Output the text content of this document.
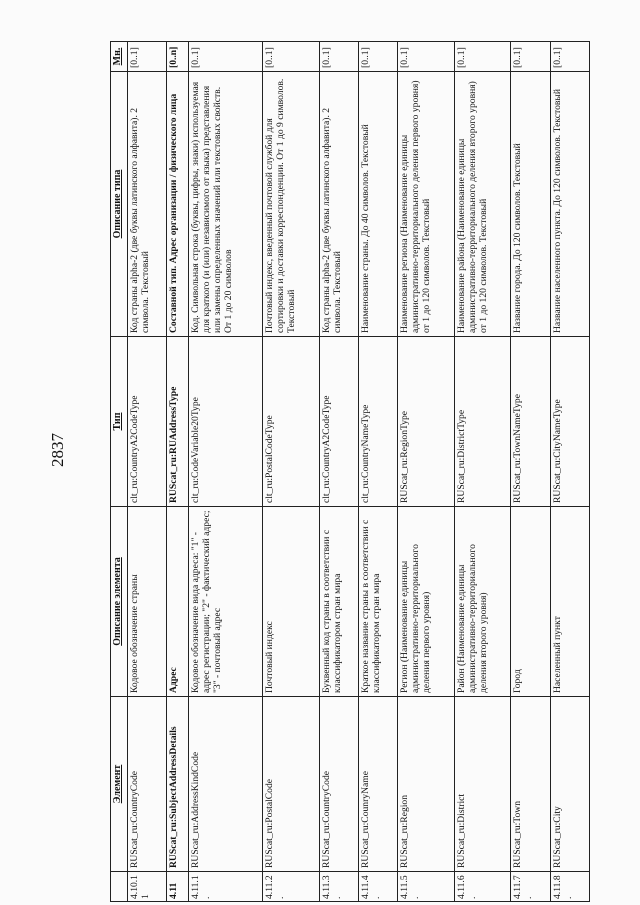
2837
	Элемент	Описание элемента	Тип	Описание типа	Мн.
4.10.11	RUScat_ru:CountryCode	Кодовое обозначение страны	clt_ru:CountryA2CodeType	Код страны alpha-2 (две буквы латинского алфавита). 2 символа. Текстовый	[0..1]
4.11	RUScat_ru:SubjectAddressDetails	Адрес	RUScat_ru:RUAddressType	Составной тип. Адрес организации / физического лица	[0..n]
4.11.1.	RUScat_ru:AddressKindCode	Кодовое обозначение вида адреса: "1" - адрес регистрации; "2" - фактический адрес; "3" - почтовый адрес	clt_ru:CodeVariable20Type	Код. Символьная строка (буквы, цифры, знаки) используемая для краткого (и (или) независимого от языка) представления или замены определенных значений или текстовых свойств. От 1 до 20 символов	[0..1]
4.11.2.	RUScat_ru:PostalCode	Почтовый индекс	clt_ru:PostalCodeType	Почтовый индекс, введенный почтовой службой для сортировки и доставки корреспонденции. От 1 до 9 символов. Текстовый	[0..1]
4.11.3.	RUScat_ru:CountryCode	Буквенный код страны в соответствии с классификатором стран мира	clt_ru:CountryA2CodeType	Код страны alpha-2 (две буквы латинского алфавита). 2 символа. Текстовый	[0..1]
4.11.4.	RUScat_ru:CounryName	Краткое название страны в соответствии с классификатором стран мира	clt_ru:CountryNameType	Наименование страны. До 40 символов. Текстовый	[0..1]
4.11.5.	RUScat_ru:Region	Регион (Наименование единицы административно-территориального деления первого уровня)	RUScat_ru:RegionType	Наименование региона (Наименование единицы административно-территориального деления первого уровня) от 1 до 120 символов. Текстовый	[0..1]
4.11.6.	RUScat_ru:District	Район (Наименование единицы административно-территориального деления второго уровня)	RUScat_ru:DistrictType	Наименование района (Наименование единицы административно-территориального деления второго уровня) от 1 до 120 символов. Текстовый	[0..1]
4.11.7.	RUScat_ru:Town	Город	RUScat_ru:TownNameType	Название города. До 120 символов. Текстовый	[0..1]
4.11.8.	RUScat_ru:City	Населенный пункт	RUScat_ru:CityNameType	Название населенного пункта. До 120 символов. Текстовый	[0..1]
